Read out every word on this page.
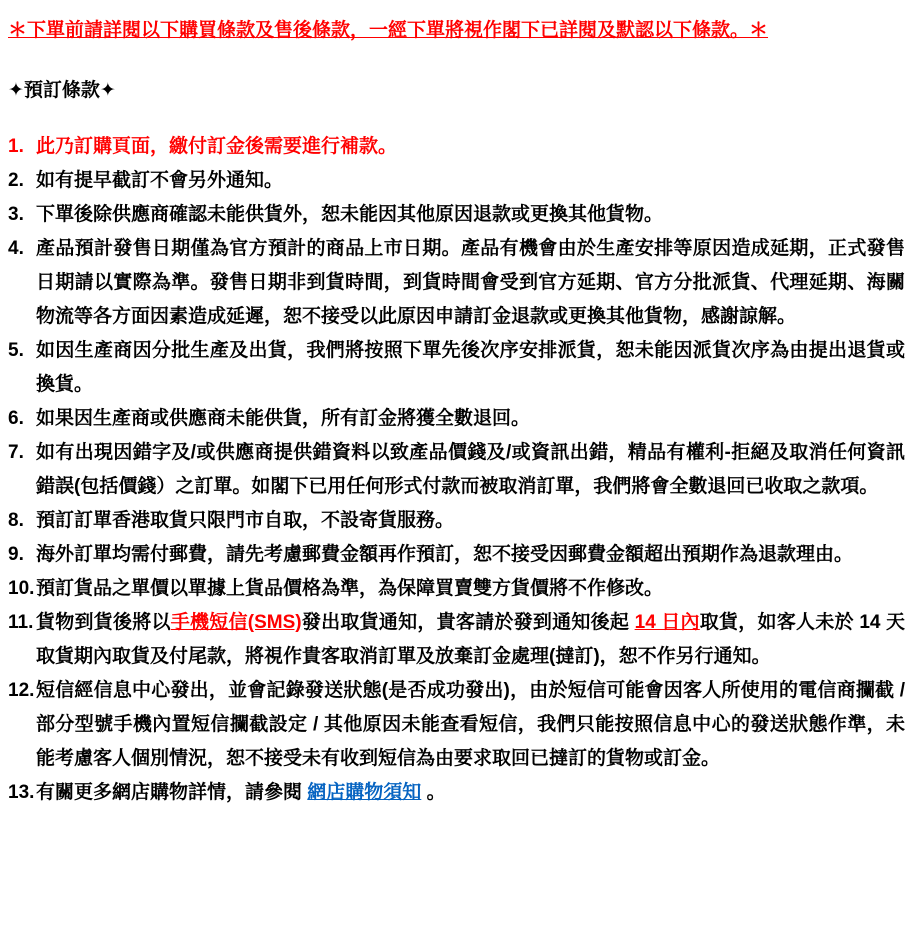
＊下單前請詳閱以下購買條款及售後條款，一經下單將視作閣下已詳閱及默認以下條款。＊
✦預訂條款✦
1. 此乃訂購頁面，繳付訂金後需要進行補款。
2. 如有提早截訂不會另外通知。
3. 下單後除供應商確認未能供貨外，恕未能因其他原因退款或更換其他貨物。
4. 產品預計發售日期僅為官方預計的商品上市日期。產品有機會由於生產安排等原因造成延期，正式發售日期請以實際為準。發售日期非到貨時間，到貨時間會受到官方延期、官方分批派貨、代理延期、海關物流等各方面因素造成延遲，恕不接受以此原因申請訂金退款或更換其他貨物，感謝諒解。
5. 如因生產商因分批生產及出貨，我們將按照下單先後次序安排派貨，恕未能因派貨次序為由提出退貨或換貨。
6. 如果因生產商或供應商未能供貨，所有訂金將獲全數退回。
7. 如有出現因錯字及/或供應商提供錯資料以致產品價錢及/或資訊出錯，精品有權利-拒絕及取消任何資訊錯誤(包括價錢）之訂單。如閣下已用任何形式付款而被取消訂單，我們將會全數退回已收取之款項。
8. 預訂訂單香港取貨只限門市自取，不設寄貨服務。
9. 海外訂單均需付郵費，請先考慮郵費金額再作預訂，恕不接受因郵費金額超出預期作為退款理由。
10. 預訂貨品之單價以單據上貨品價格為準，為保障買賣雙方貨價將不作修改。
11. 貨物到貨後將以手機短信(SMS)發出取貨通知，貴客請於發到通知後起 14 日內取貨，如客人未於 14 天取貨期內取貨及付尾款，將視作貴客取消訂單及放棄訂金處理(撻訂)，恕不作另行通知。
12. 短信經信息中心發出，並會記錄發送狀態(是否成功發出)，由於短信可能會因客人所使用的電信商攔截 / 部分型號手機內置短信攔截設定 / 其他原因未能查看短信，我們只能按照信息中心的發送狀態作準，未能考慮客人個別情況，恕不接受未有收到短信為由要求取回已撻訂的貨物或訂金。
13. 有關更多網店購物詳情，請參閱 網店購物須知 。
